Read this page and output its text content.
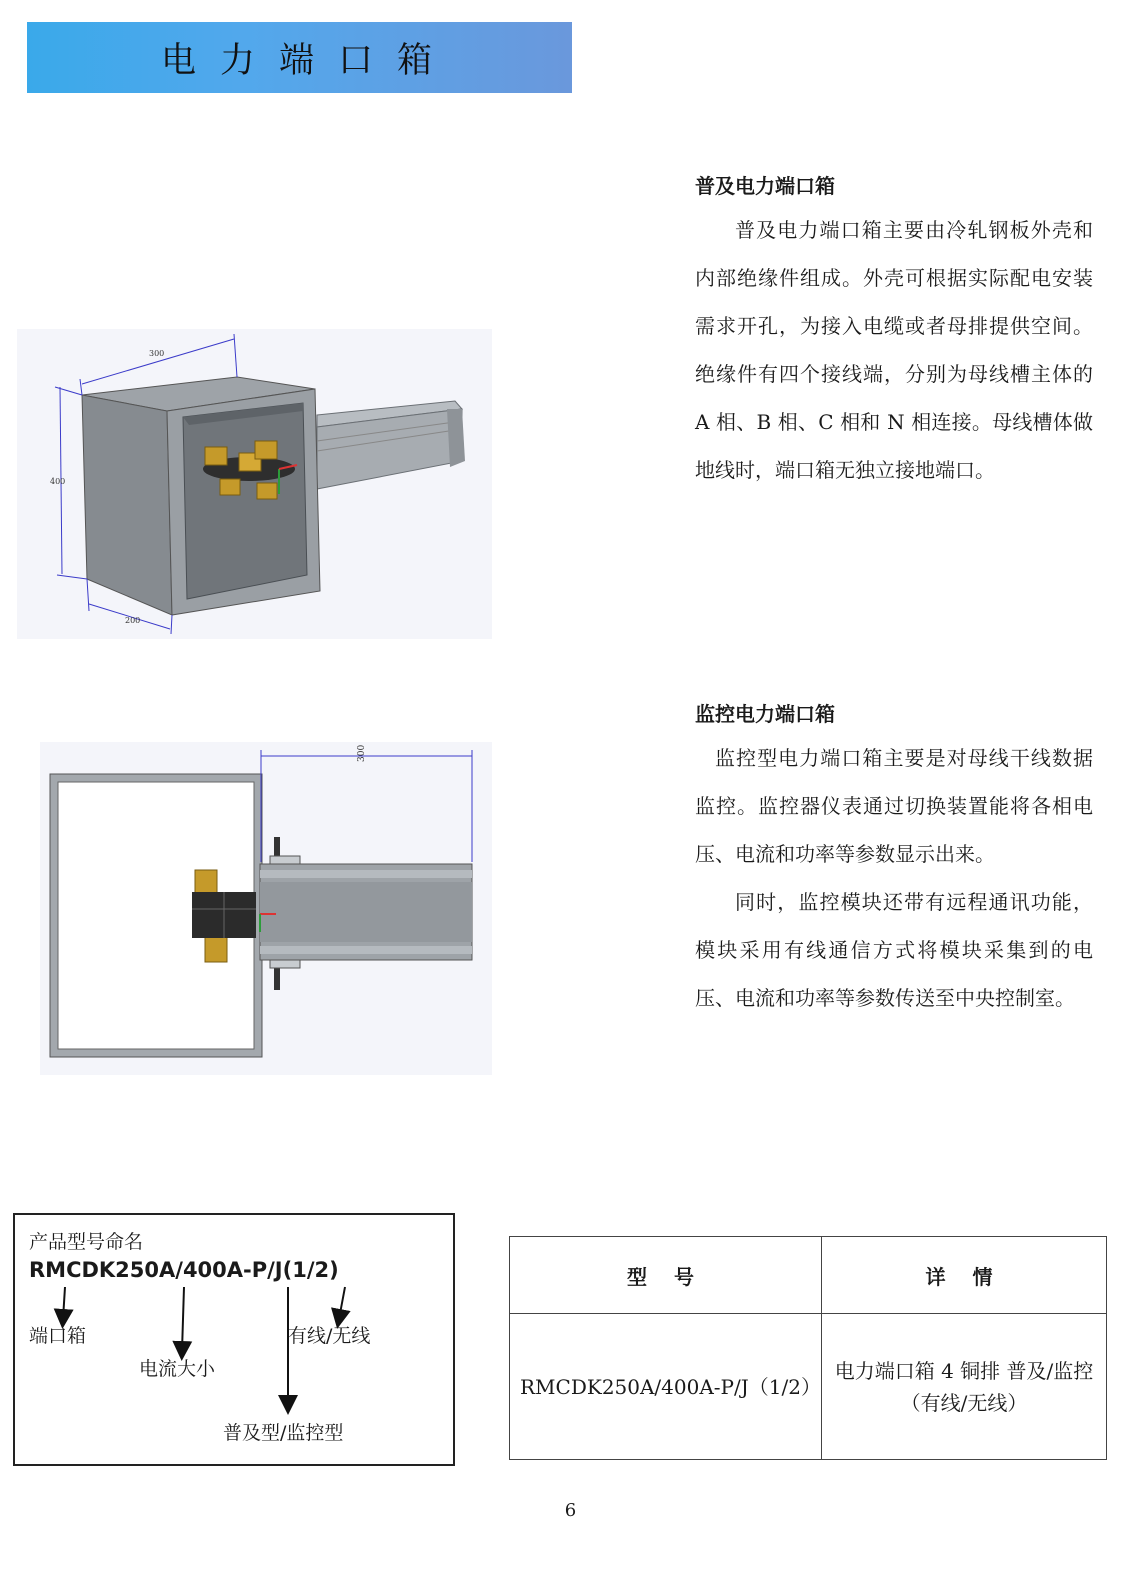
电力端口箱
普及电力端口箱

普及电力端口箱主要由冷轧钢板外壳和内部绝缘件组成。外壳可根据实际配电安装需求开孔，为接入电缆或者母排提供空间。绝缘件有四个接线端，分别为母线槽主体的 A 相、B 相、C 相和 N 相连接。母线槽体做地线时，端口箱无独立接地端口。

300
400
200
监控电力端口箱

监控型电力端口箱主要是对母线干线数据监控。监控器仪表通过切换装置能将各相电压、电流和功率等参数显示出来。

同时，监控模块还带有远程通讯功能，模块采用有线通信方式将模块采集到的电压、电流和功率等参数传送至中央控制室。

300
产品型号命名
RMCDK250A/400A-P/J(1/2)
端口箱
电流大小
有线/无线
普及型/监控型
型 号	详 情
RMCDK250A/400A-P/J（1/2）	电力端口箱 4 铜排 普及/监控（有线/无线）
6
